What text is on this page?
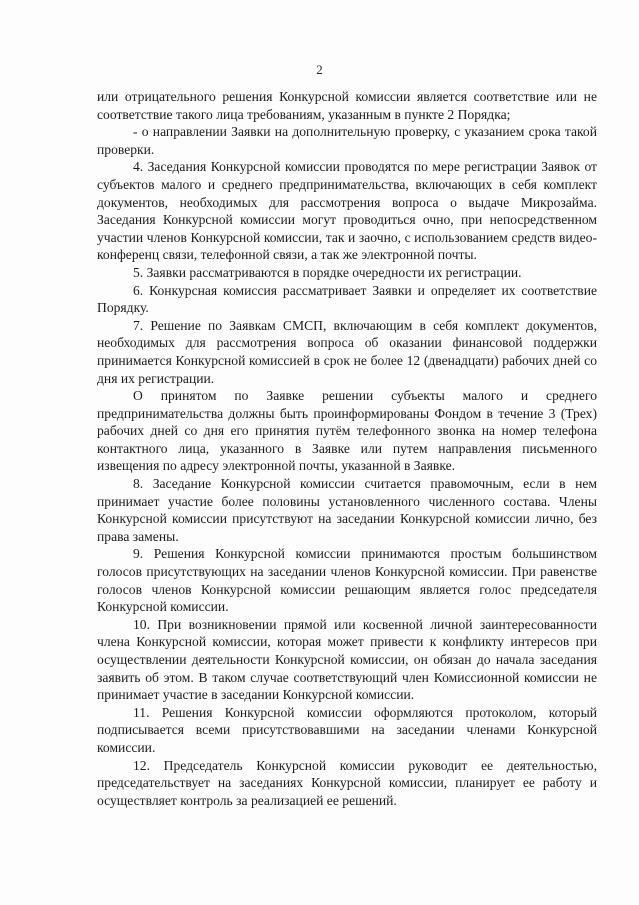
2

или отрицательного решения Конкурсной комиссии является соответствие или не соответствие такого лица требованиям, указанным в пункте 2 Порядка;

- о направлении Заявки на дополнительную проверку, с указанием срока такой проверки.

4. Заседания Конкурсной комиссии проводятся по мере регистрации Заявок от субъектов малого и среднего предпринимательства, включающих в себя комплект документов, необходимых для рассмотрения вопроса о выдаче Микрозайма. Заседания Конкурсной комиссии могут проводиться очно, при непосредственном участии членов Конкурсной комиссии, так и заочно, с использованием средств видео-конференц связи, телефонной связи, а так же электронной почты.

5. Заявки рассматриваются в порядке очередности их регистрации.

6. Конкурсная комиссия рассматривает Заявки и определяет их соответствие Порядку.

7. Решение по Заявкам СМСП, включающим в себя комплект документов, необходимых для рассмотрения вопроса об оказании финансовой поддержки принимается Конкурсной комиссией в срок не более 12 (двенадцати) рабочих дней со дня их регистрации.

О принятом по Заявке решении субъекты малого и среднего предпринимательства должны быть проинформированы Фондом в течение 3 (Трех) рабочих дней со дня его принятия путём телефонного звонка на номер телефона контактного лица, указанного в Заявке или путем направления письменного извещения по адресу электронной почты, указанной в Заявке.

8. Заседание Конкурсной комиссии считается правомочным, если в нем принимает участие более половины установленного численного состава. Члены Конкурсной комиссии присутствуют на заседании Конкурсной комиссии лично, без права замены.

9. Решения Конкурсной комиссии принимаются простым большинством голосов присутствующих на заседании членов Конкурсной комиссии. При равенстве голосов членов Конкурсной комиссии решающим является голос председателя Конкурсной комиссии.

10. При возникновении прямой или косвенной личной заинтересованности члена Конкурсной комиссии, которая может привести к конфликту интересов при осуществлении деятельности Конкурсной комиссии, он обязан до начала заседания заявить об этом. В таком случае соответствующий член Комиссионной комиссии не принимает участие в заседании Конкурсной комиссии.

11. Решения Конкурсной комиссии оформляются протоколом, который подписывается всеми присутствовавшими на заседании членами Конкурсной комиссии.

12. Председатель Конкурсной комиссии руководит ее деятельностью, председательствует на заседаниях Конкурсной комиссии, планирует ее работу и осуществляет контроль за реализацией ее решений.
